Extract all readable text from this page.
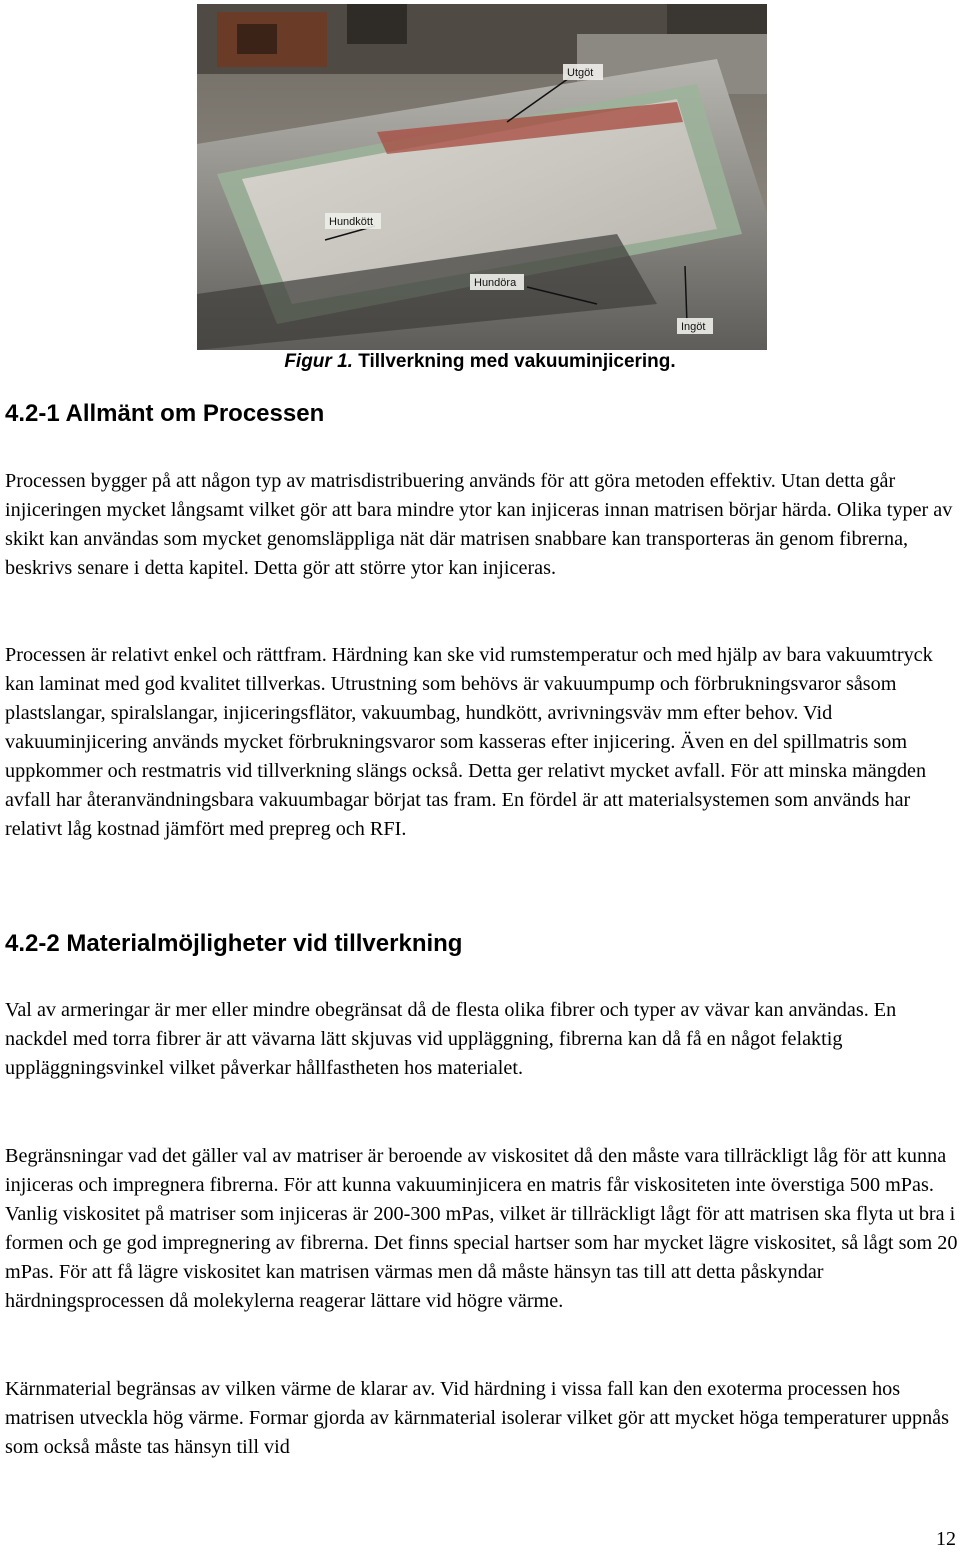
Utgöt
Hundkött
Hundöra
Ingöt
Figur 1. Tillverkning med vakuuminjicering.
4.2-1 Allmänt om Processen
Processen bygger på att någon typ av matrisdistribuering används för att göra metoden effektiv. Utan detta går injiceringen mycket långsamt vilket gör att bara mindre ytor kan injiceras innan matrisen börjar härda. Olika typer av skikt kan användas som mycket genomsläppliga nät där matrisen snabbare kan transporteras än genom fibrerna, beskrivs senare i detta kapitel. Detta gör att större ytor kan injiceras.
Processen är relativt enkel och rättfram. Härdning kan ske vid rumstemperatur och med hjälp av bara vakuumtryck kan laminat med god kvalitet tillverkas. Utrustning som behövs är vakuumpump och förbrukningsvaror såsom plastslangar, spiralslangar, injiceringsflätor, vakuumbag, hundkött, avrivningsväv mm efter behov. Vid vakuuminjicering används mycket förbrukningsvaror som kasseras efter injicering. Även en del spillmatris som uppkommer och restmatris vid tillverkning slängs också. Detta ger relativt mycket avfall. För att minska mängden avfall har återanvändningsbara vakuumbagar börjat tas fram. En fördel är att materialsystemen som används har relativt låg kostnad jämfört med prepreg och RFI.
4.2-2 Materialmöjligheter vid tillverkning
Val av armeringar är mer eller mindre obegränsat då de flesta olika fibrer och typer av vävar kan användas. En nackdel med torra fibrer är att vävarna lätt skjuvas vid uppläggning, fibrerna kan då få en något felaktig uppläggningsvinkel vilket påverkar hållfastheten hos materialet.
Begränsningar vad det gäller val av matriser är beroende av viskositet då den måste vara tillräckligt låg för att kunna injiceras och impregnera fibrerna. För att kunna vakuuminjicera en matris får viskositeten inte överstiga 500 mPas. Vanlig viskositet på matriser som injiceras är 200-300 mPas, vilket är tillräckligt lågt för att matrisen ska flyta ut bra i formen och ge god impregnering av fibrerna. Det finns special hartser som har mycket lägre viskositet, så lågt som 20 mPas. För att få lägre viskositet kan matrisen värmas men då måste hänsyn tas till att detta påskyndar härdningsprocessen då molekylerna reagerar lättare vid högre värme.
Kärnmaterial begränsas av vilken värme de klarar av. Vid härdning i vissa fall kan den exoterma processen hos matrisen utveckla hög värme. Formar gjorda av kärnmaterial isolerar vilket gör att mycket höga temperaturer uppnås som också måste tas hänsyn till vid
12
